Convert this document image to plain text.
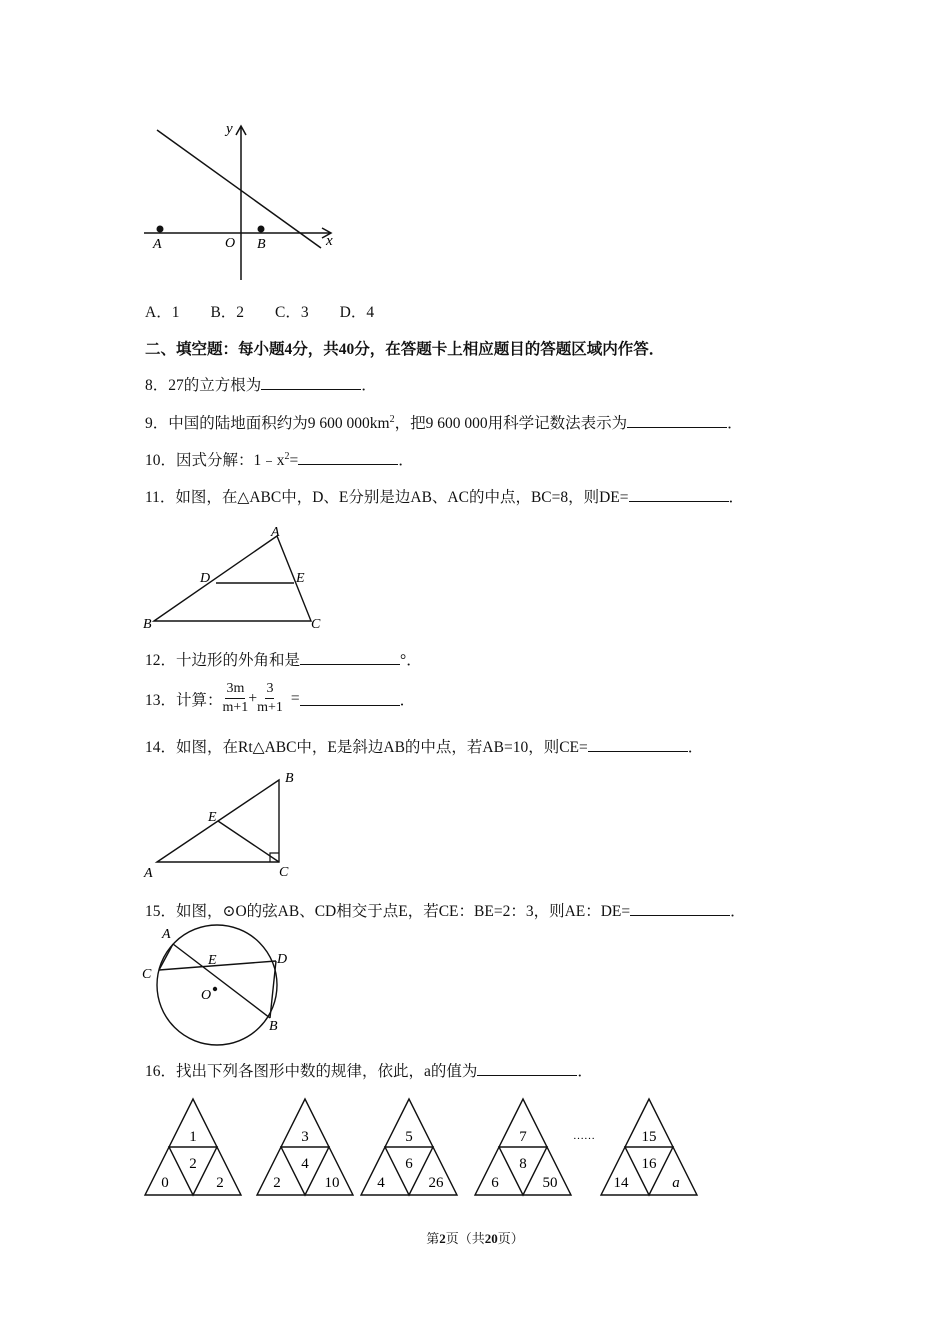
y
x
O
A	B
A．1　　B．2　　C．3　　D．4
二、填空题：每小题4分，共40分，在答题卡上相应题目的答题区域内作答．
8．27的立方根为	．
9．中国的陆地面积约为9 600 $000km^2$，把9 600 000用科学记数法表示为	．
10．因式分解：$1﹣x^2=$	．
11．如图，在△ABC中，D、E分别是边AB、AC的中点，BC=8，则DE=	．
A
B	C
D	E
12．十边形的外角和是	°．
13．计算： $\frac{3m}{m+1} + \frac{3}{m+1}$ =	．
14．如图，在Rt△ABC中，E是斜边AB的中点，若AB=10，则CE=	．
A
B
C
E
15．如图，⊙O的弦AB、CD相交于点E，若CE：BE=2：3，则AE：DE=	．
A
B
C
D
E
O
16．找出下列各图形中数的规律，依此，a的值为	．
1
2
0	2
3
4
2	10
5
6
4	26
7
8
6	50
15
16
14	a
……
第2页（共20页）
